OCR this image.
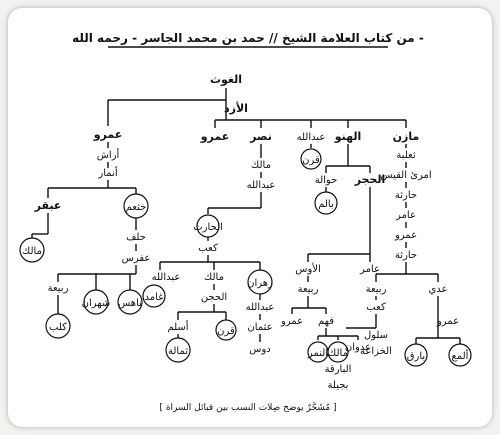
من كتاب العلامة الشيخ // حمد بن محمد الجاسر - رحمه الله -
الغوث
الأزد
عمرو
أراش
أنمار
عبقر
مالك
خثعم
حلف
عفرس
ربيعة
كلب
شهران ناهس
عمرو نصر
مالك
عبدالله
الحارث
كعب
عبدالله
غامد
مالك
الحجن
أسلم
ثمالة
قرن
زهران
عبدالله
عثمان
دوس
عبدالله
قرن
الهنو
حوالة
بالم
الحجر
الأوس
ربيعة
عمرو فهم
النمر مالك
عدوان
البارقة
عامر
مازن
ثعلبة
امرئ القيس
حارثة
عامر
عمرو
حارثة
ربيعة
كعب
سلول
الخزاعة
بجيلة
عدي
عمرو
بارق	ألمع
[ مُشَجَّرٌ يوضح صِلات النسب بين قبائل السراة ]
